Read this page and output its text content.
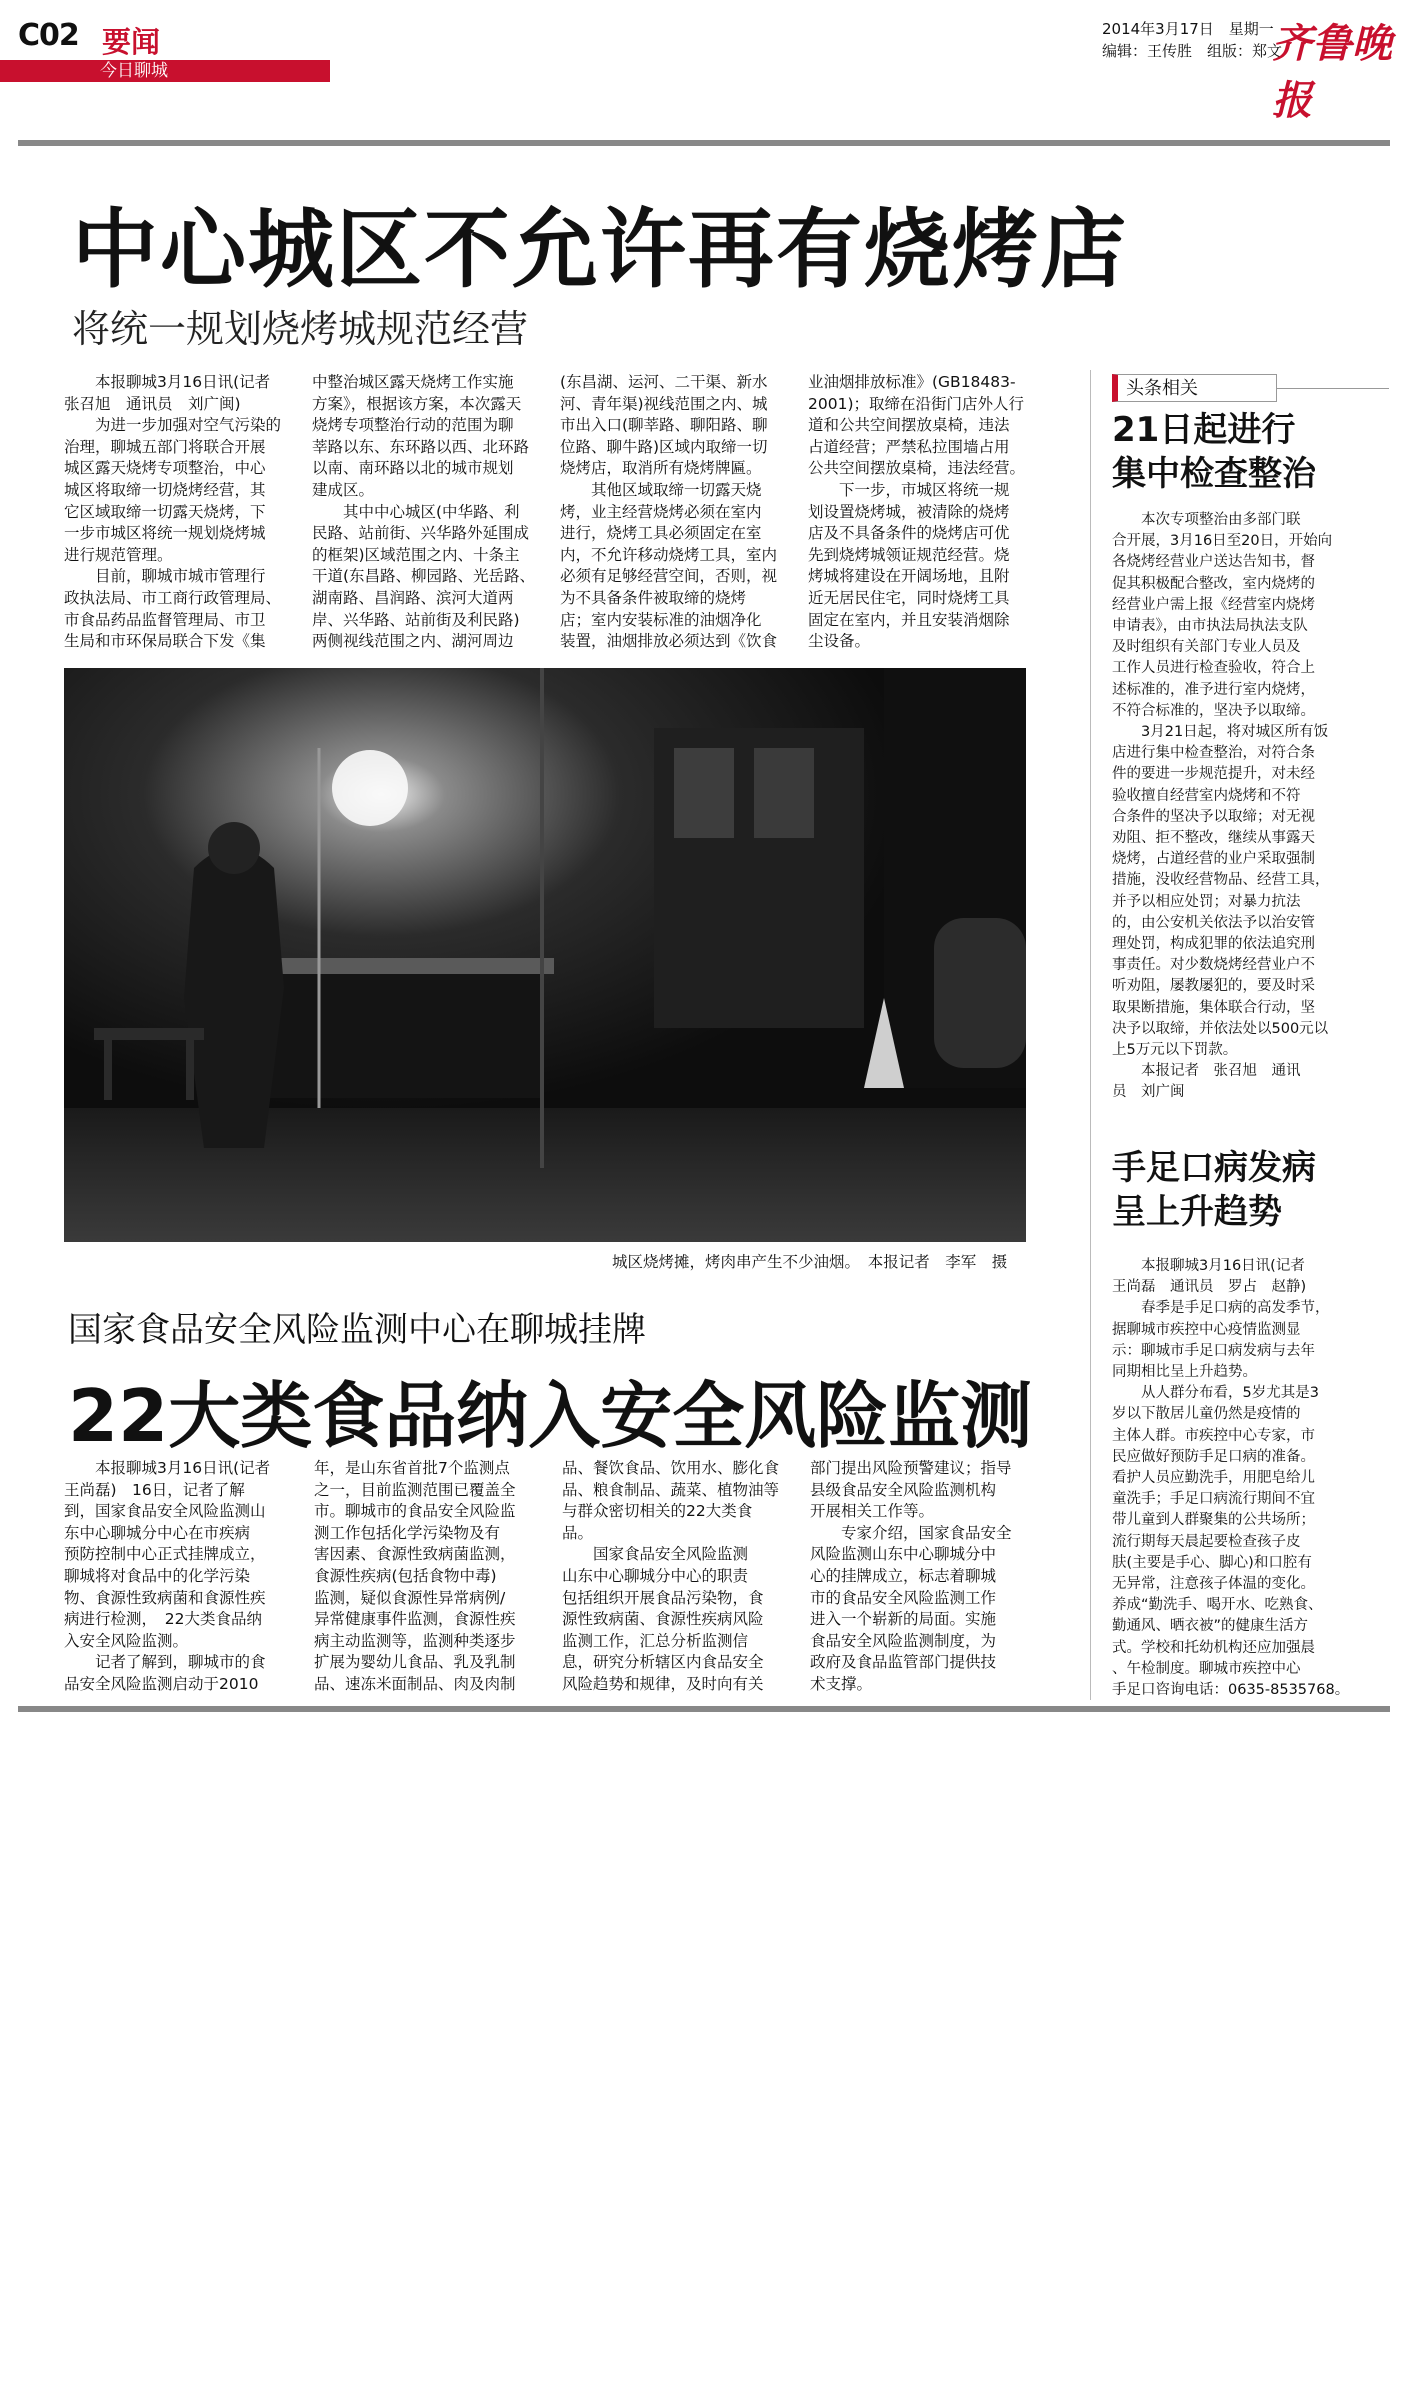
C02 要闻
今日聊城
2014年3月17日　星期一
编辑：王传胜　组版：郑文
齐鲁晚报
中心城区不允许再有烧烤店
将统一规划烧烤城规范经营
　　本报聊城3月16日讯(记者
张召旭　通讯员　刘广闽)
　　为进一步加强对空气污染的
治理，聊城五部门将联合开展
城区露天烧烤专项整治，中心
城区将取缔一切烧烤经营，其
它区域取缔一切露天烧烤，下
一步市城区将统一规划烧烤城
进行规范管理。
　　目前，聊城市城市管理行
政执法局、市工商行政管理局、
市食品药品监督管理局、市卫
生局和市环保局联合下发《集
中整治城区露天烧烤工作实施
方案》，根据该方案，本次露天
烧烤专项整治行动的范围为聊
莘路以东、东环路以西、北环路
以南、南环路以北的城市规划
建成区。
　　其中中心城区(中华路、利
民路、站前街、兴华路外延围成
的框架)区域范围之内、十条主
干道(东昌路、柳园路、光岳路、
湖南路、昌润路、滨河大道两
岸、兴华路、站前街及利民路)
两侧视线范围之内、湖河周边
(东昌湖、运河、二干渠、新水
河、青年渠)视线范围之内、城
市出入口(聊莘路、聊阳路、聊
位路、聊牛路)区域内取缔一切
烧烤店，取消所有烧烤牌匾。
　　其他区域取缔一切露天烧
烤，业主经营烧烤必须在室内
进行，烧烤工具必须固定在室
内，不允许移动烧烤工具，室内
必须有足够经营空间，否则，视
为不具备条件被取缔的烧烤
店；室内安装标准的油烟净化
装置，油烟排放必须达到《饮食
业油烟排放标准》(GB18483-
2001)；取缔在沿街门店外人行
道和公共空间摆放桌椅，违法
占道经营；严禁私拉围墙占用
公共空间摆放桌椅，违法经营。
　　下一步，市城区将统一规
划设置烧烤城，被清除的烧烤
店及不具备条件的烧烤店可优
先到烧烤城领证规范经营。烧
烤城将建设在开阔场地，且附
近无居民住宅，同时烧烤工具
固定在室内，并且安装消烟除
尘设备。
城区烧烤摊，烤肉串产生不少油烟。　本报记者　李军　摄
国家食品安全风险监测中心在聊城挂牌
22大类食品纳入安全风险监测
　　本报聊城3月16日讯(记者
王尚磊)　16日，记者了解
到，国家食品安全风险监测山
东中心聊城分中心在市疾病
预防控制中心正式挂牌成立，
聊城将对食品中的化学污染
物、食源性致病菌和食源性疾
病进行检测，　22大类食品纳
入安全风险监测。
　　记者了解到，聊城市的食
品安全风险监测启动于2010
年，是山东省首批7个监测点
之一，目前监测范围已覆盖全
市。聊城市的食品安全风险监
测工作包括化学污染物及有
害因素、食源性致病菌监测，
食源性疾病(包括食物中毒)
监测，疑似食源性异常病例/
异常健康事件监测，食源性疾
病主动监测等，监测种类逐步
扩展为婴幼儿食品、乳及乳制
品、速冻米面制品、肉及肉制
品、餐饮食品、饮用水、膨化食
品、粮食制品、蔬菜、植物油等
与群众密切相关的22大类食
品。
　　国家食品安全风险监测
山东中心聊城分中心的职责
包括组织开展食品污染物，食
源性致病菌、食源性疾病风险
监测工作，汇总分析监测信
息，研究分析辖区内食品安全
风险趋势和规律，及时向有关
部门提出风险预警建议；指导
县级食品安全风险监测机构
开展相关工作等。
　　专家介绍，国家食品安全
风险监测山东中心聊城分中
心的挂牌成立，标志着聊城
市的食品安全风险监测工作
进入一个崭新的局面。实施
食品安全风险监测制度，为
政府及食品监管部门提供技
术支撑。
头条相关
21日起进行
集中检查整治
　　本次专项整治由多部门联
合开展，3月16日至20日，开始向
各烧烤经营业户送达告知书，督
促其积极配合整改，室内烧烤的
经营业户需上报《经营室内烧烤
申请表》，由市执法局执法支队
及时组织有关部门专业人员及
工作人员进行检查验收，符合上
述标准的，准予进行室内烧烤，
不符合标准的，坚决予以取缔。
　　3月21日起，将对城区所有饭
店进行集中检查整治，对符合条
件的要进一步规范提升，对未经
验收擅自经营室内烧烤和不符
合条件的坚决予以取缔；对无视
劝阻、拒不整改，继续从事露天
烧烤，占道经营的业户采取强制
措施，没收经营物品、经营工具，
并予以相应处罚；对暴力抗法
的，由公安机关依法予以治安管
理处罚，构成犯罪的依法追究刑
事责任。对少数烧烤经营业户不
听劝阻，屡教屡犯的，要及时采
取果断措施，集体联合行动，坚
决予以取缔，并依法处以500元以
上5万元以下罚款。
　　本报记者　张召旭　通讯
员　刘广闽
手足口病发病
呈上升趋势
　　本报聊城3月16日讯(记者
王尚磊　通讯员　罗占　赵静)
　　春季是手足口病的高发季节，
据聊城市疾控中心疫情监测显
示：聊城市手足口病发病与去年
同期相比呈上升趋势。
　　从人群分布看，5岁尤其是3
岁以下散居儿童仍然是疫情的
主体人群。市疾控中心专家，市
民应做好预防手足口病的准备。
看护人员应勤洗手，用肥皂给儿
童洗手；手足口病流行期间不宜
带儿童到人群聚集的公共场所；
流行期每天晨起要检查孩子皮
肤(主要是手心、脚心)和口腔有
无异常，注意孩子体温的变化。
养成“勤洗手、喝开水、吃熟食、
勤通风、晒衣被”的健康生活方
式。学校和托幼机构还应加强晨
、午检制度。聊城市疾控中心
手足口咨询电话：0635-8535768。
